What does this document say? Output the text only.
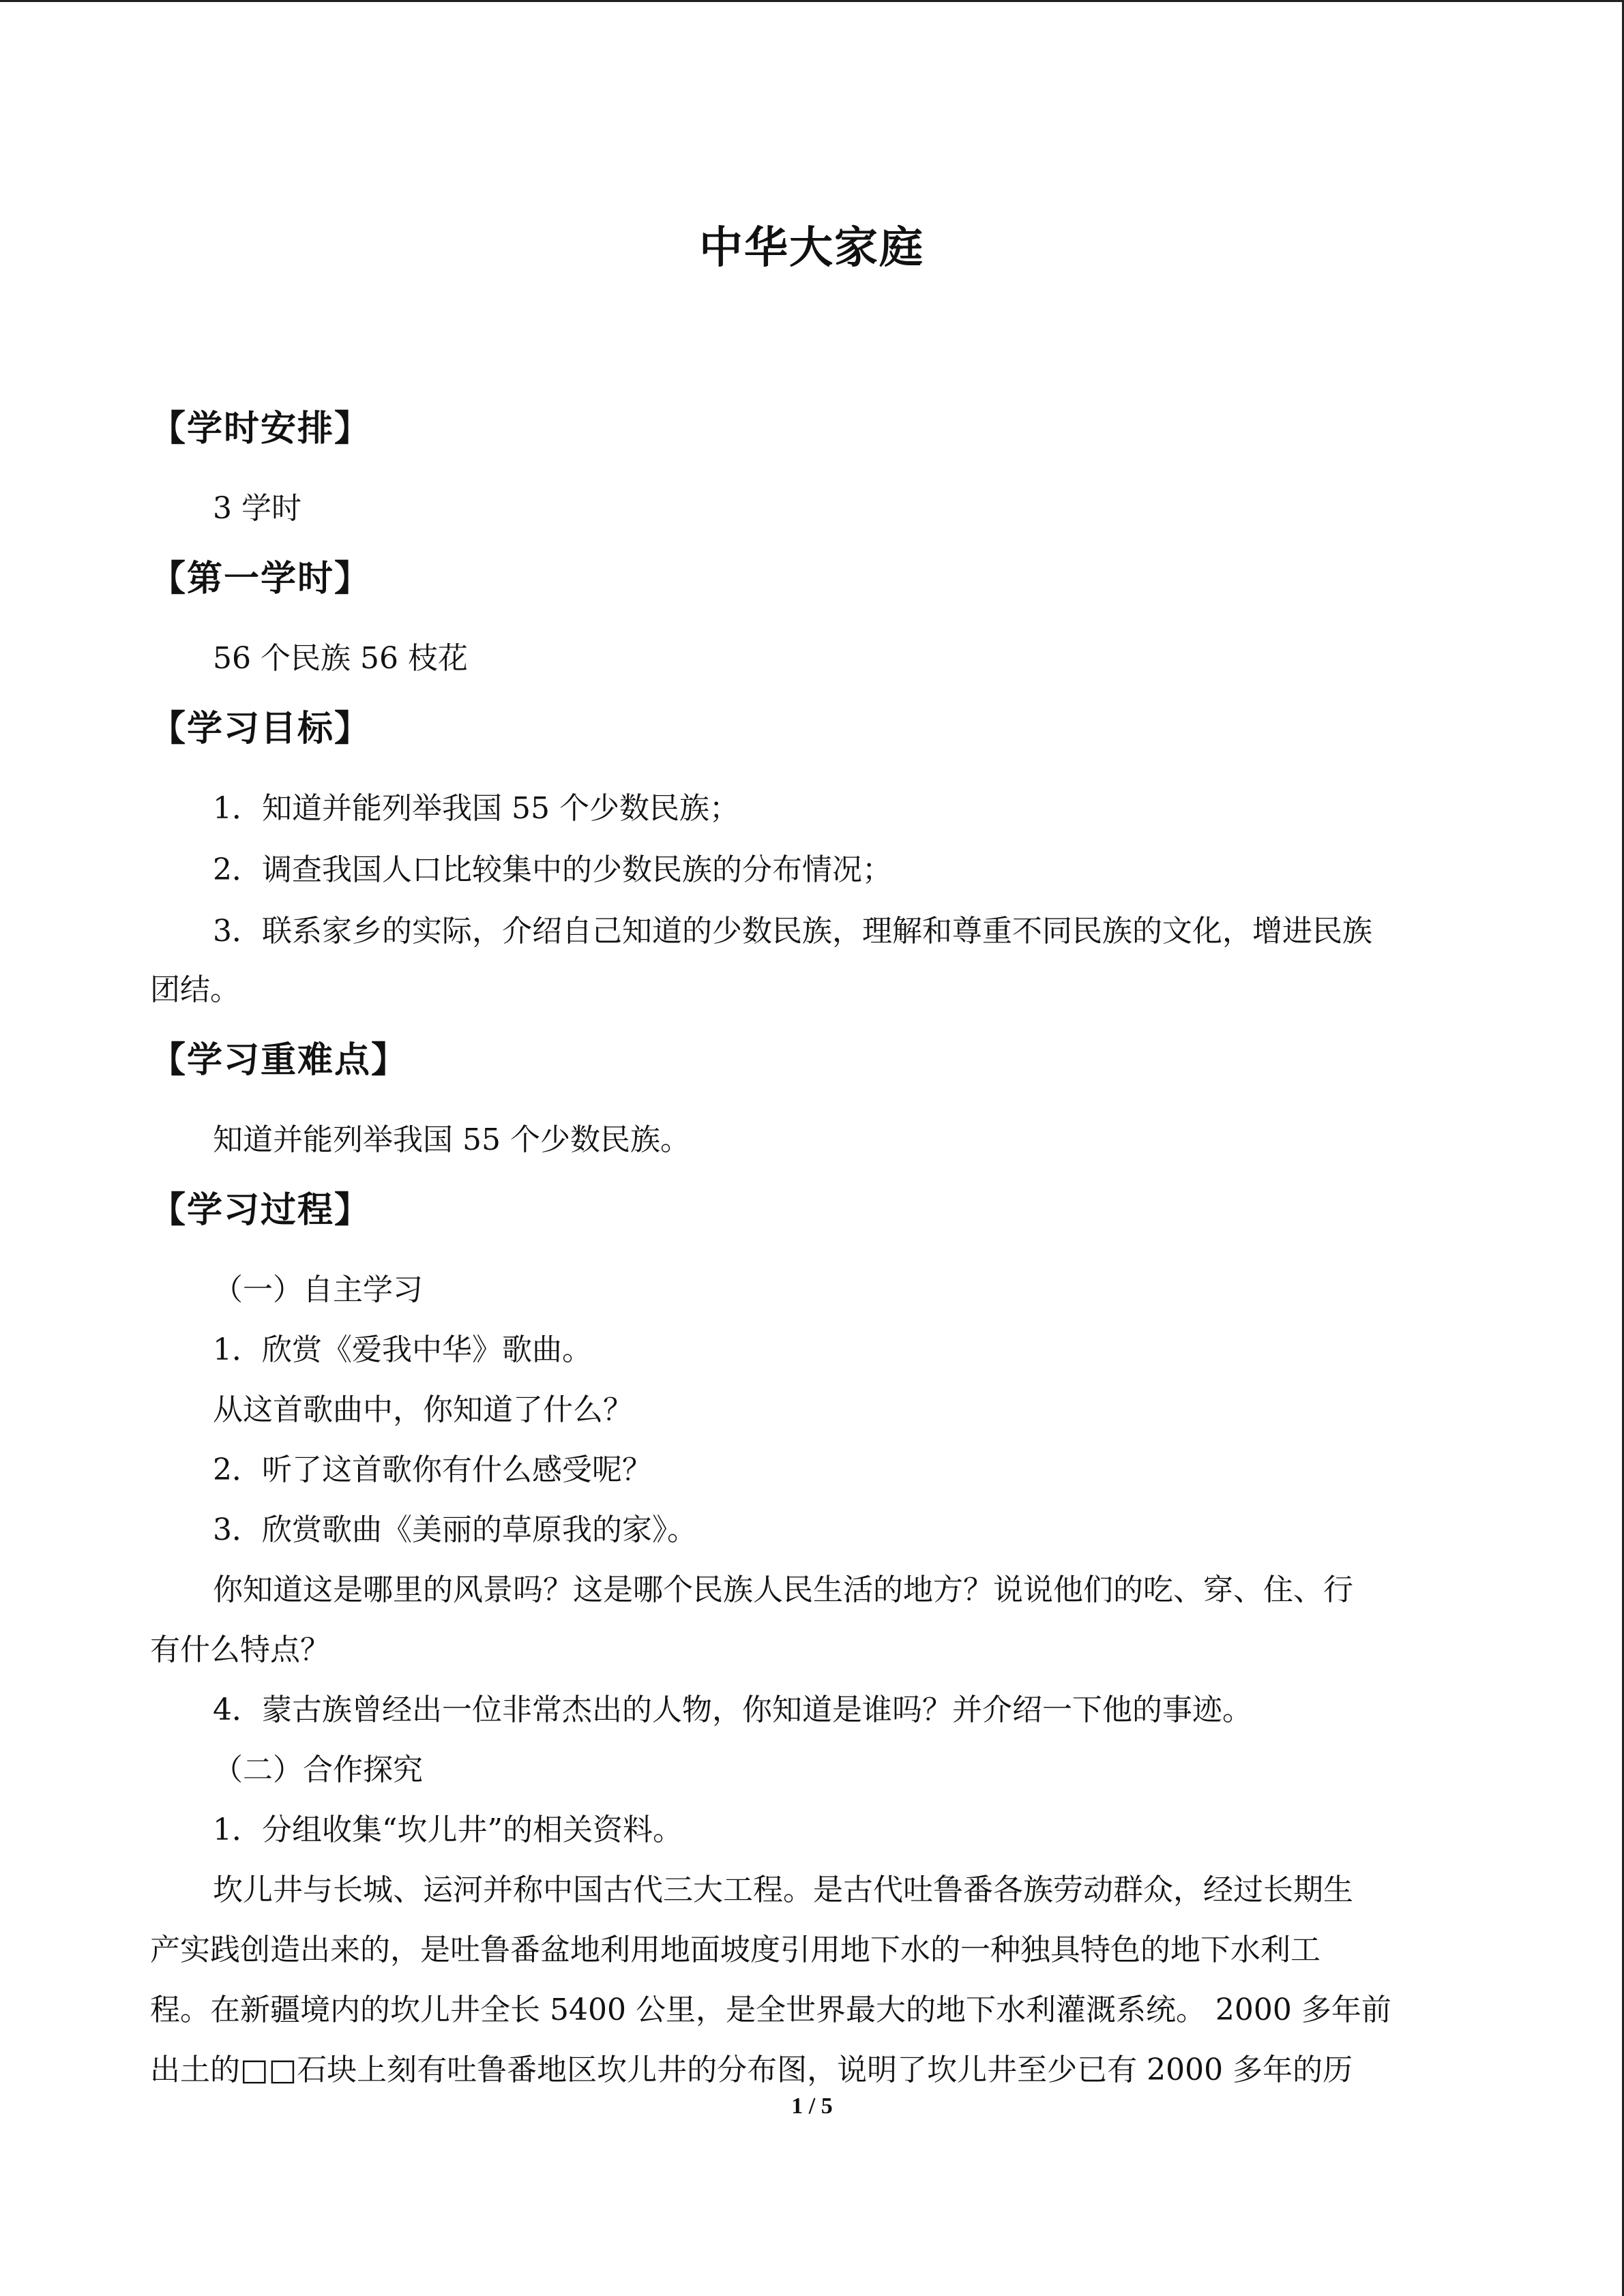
中华大家庭
【学时安排】
3 学时
【第一学时】
56 个民族 56 枝花
【学习目标】
1．知道并能列举我国 55 个少数民族；
2．调查我国人口比较集中的少数民族的分布情况；
3．联系家乡的实际，介绍自己知道的少数民族，理解和尊重不同民族的文化，增进民族
团结。
【学习重难点】
知道并能列举我国 55 个少数民族。
【学习过程】
（一）自主学习
1．欣赏《爱我中华》歌曲。
从这首歌曲中，你知道了什么？
2．听了这首歌你有什么感受呢？
3．欣赏歌曲《美丽的草原我的家》。
你知道这是哪里的风景吗？这是哪个民族人民生活的地方？说说他们的吃、穿、住、行
有什么特点？
4．蒙古族曾经出一位非常杰出的人物，你知道是谁吗？并介绍一下他的事迹。
（二）合作探究
1．分组收集“坎儿井”的相关资料。
坎儿井与长城、运河并称中国古代三大工程。是古代吐鲁番各族劳动群众，经过长期生
产实践创造出来的，是吐鲁番盆地利用地面坡度引用地下水的一种独具特色的地下水利工
程。在新疆境内的坎儿井全长 5400 公里，是全世界最大的地下水利灌溉系统。 2000 多年前
出土的□□石块上刻有吐鲁番地区坎儿井的分布图，说明了坎儿井至少已有 2000 多年的历
1 / 5
